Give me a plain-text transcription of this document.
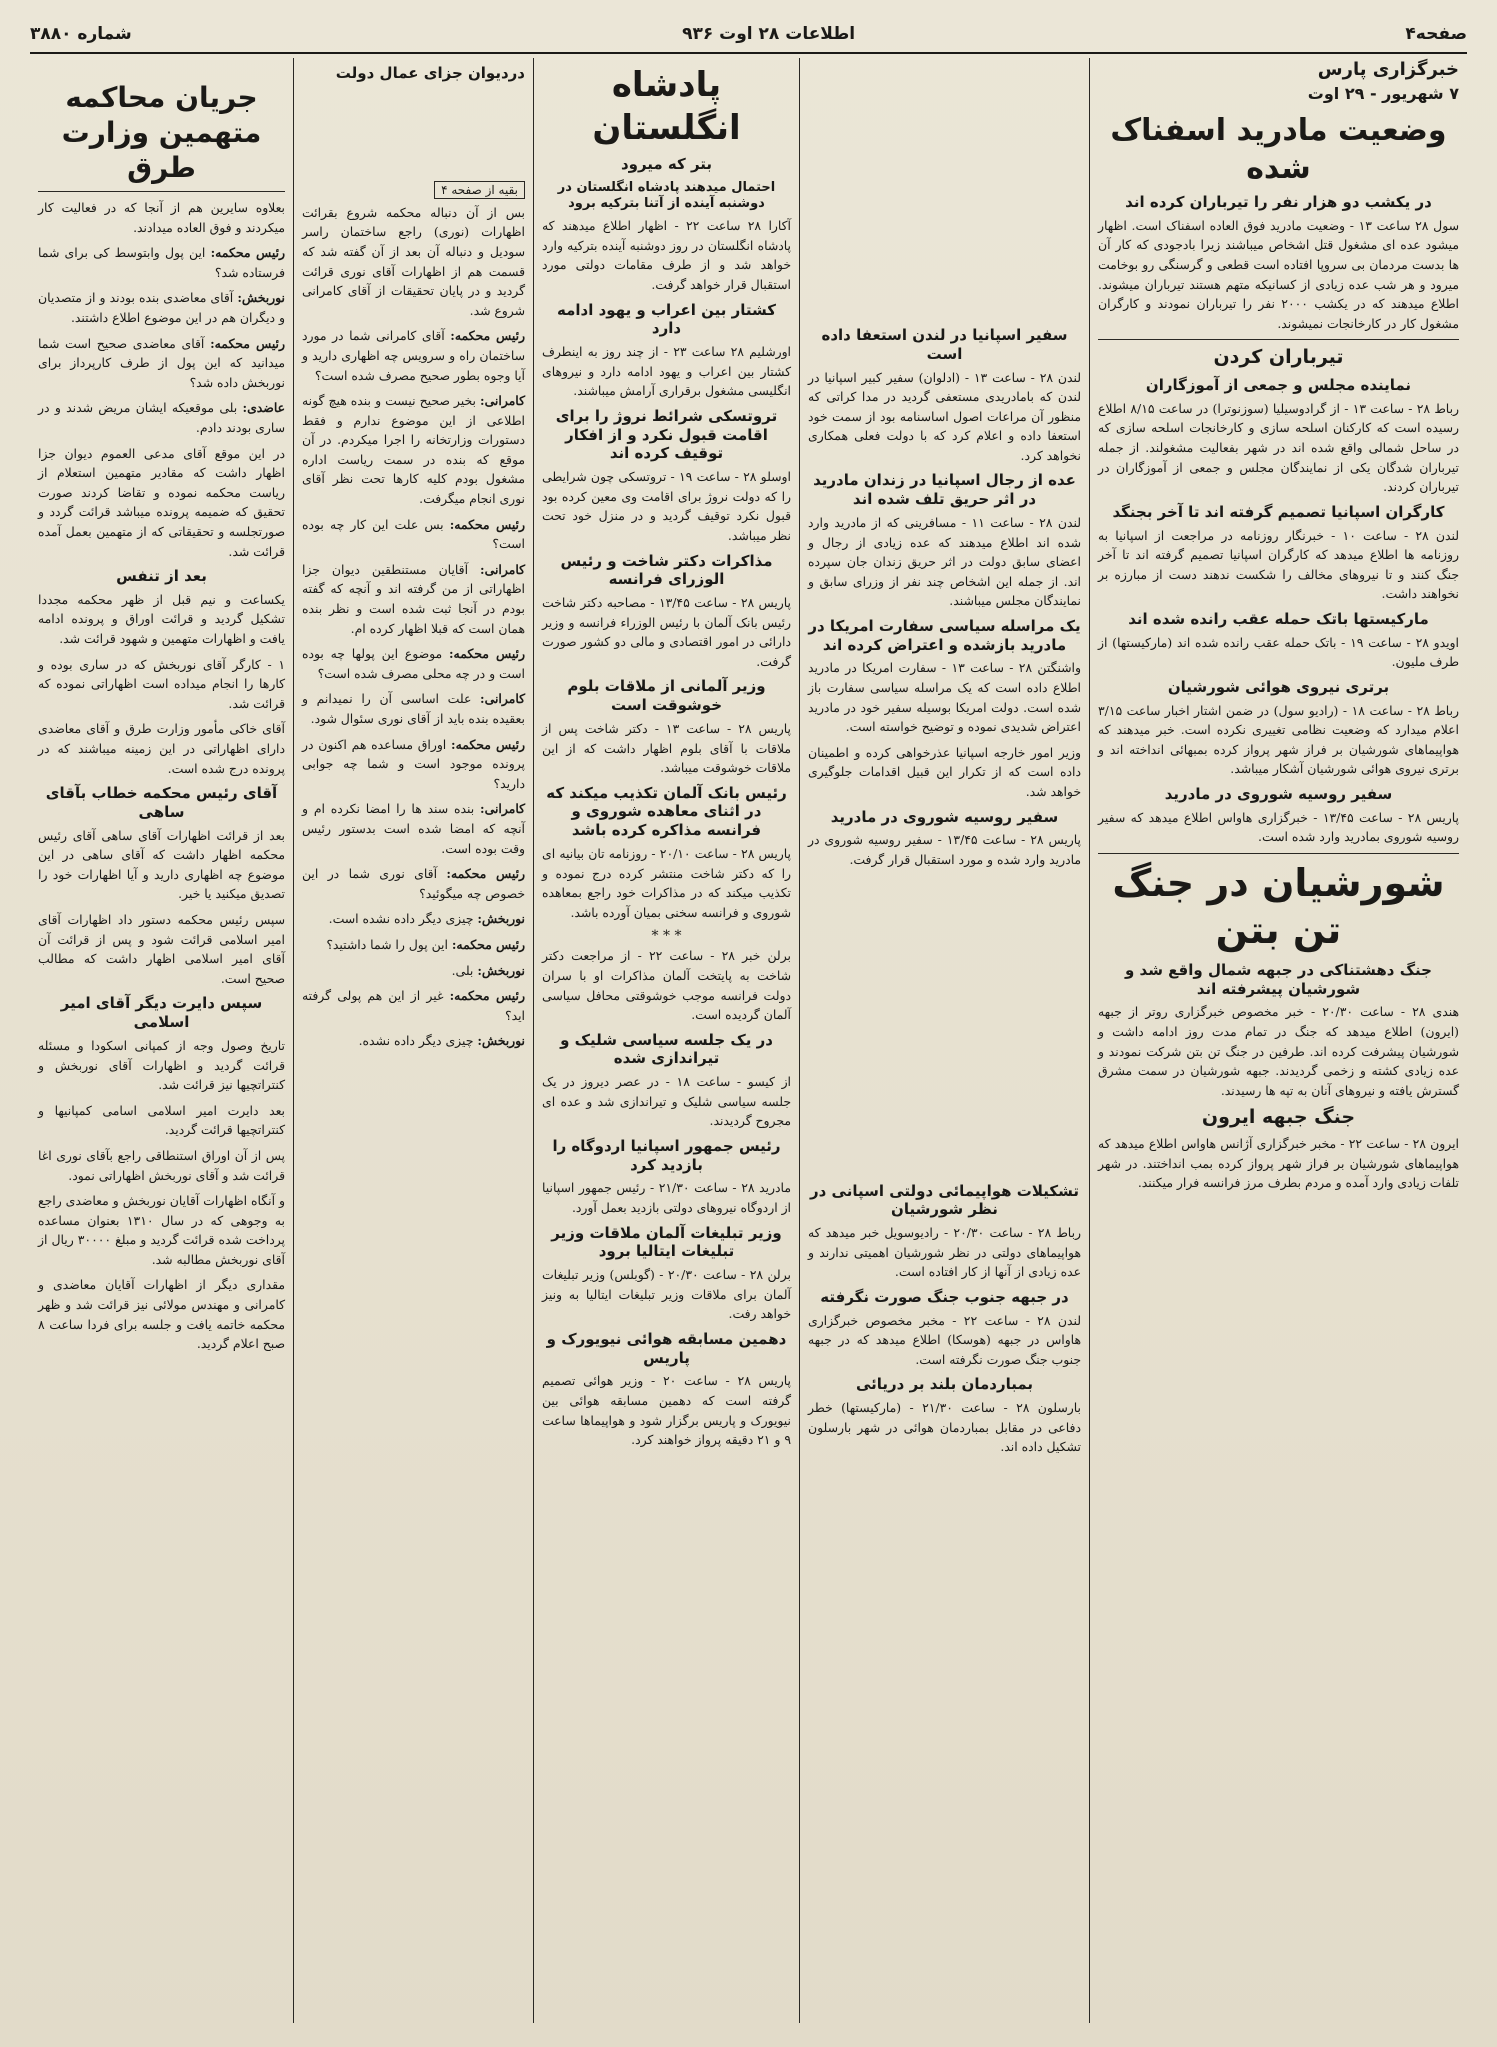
صفحه۴
اطلاعات ۲۸ اوت ۹۳۶
شماره ۳۸۸۰
خبرگزاری پارس
۷ شهریور - ۲۹ اوت
وضعیت مادرید اسفناک شده
در یکشب دو هزار نفر را تیرباران کرده اند

سول ۲۸ ساعت ۱۳ - وضعیت مادرید فوق العاده اسفناک است. اظهار میشود عده ای مشغول قتل اشخاص میباشند زیرا بادجودی که کار آن ها بدست مردمان بی سروپا افتاده است قطعی و گرسنگی رو بوخامت میرود و هر شب عده زیادی از کسانیکه متهم هستند تیرباران میشوند. اطلاع میدهند که در یکشب ۲۰۰۰ نفر را تیرباران نمودند و کارگران مشغول کار در کارخانجات نمیشوند.

تیرباران کردن
نماینده مجلس و جمعی از آموزگاران

رباط ۲۸ - ساعت ۱۳ - از گرادوسیلیا (سوزنوترا) در ساعت ۸/۱۵ اطلاع رسیده است که کارکنان اسلحه سازی و کارخانجات اسلحه سازی که در ساحل شمالی واقع شده اند در شهر بفعالیت مشغولند. از جمله تیرباران شدگان یکی از نمایندگان مجلس و جمعی از آموزگاران در تیرباران کردند.

کارگران اسپانیا تصمیم گرفته اند تا آخر بجنگد

لندن ۲۸ - ساعت ۱۰ - خبرنگار روزنامه در مراجعت از اسپانیا به روزنامه ها اطلاع میدهد که کارگران اسپانیا تصمیم گرفته اند تا آخر جنگ کنند و تا نیروهای مخالف را شکست ندهند دست از مبارزه بر نخواهند داشت.

مارکیستها باتک حمله عقب رانده شده اند

اویدو ۲۸ - ساعت ۱۹ - باتک حمله عقب رانده شده اند (مارکیستها) از طرف ملیون.

برتری نیروی هوائی شورشیان

رباط ۲۸ - ساعت ۱۸ - (رادیو سول) در ضمن اشتار اخبار ساعت ۳/۱۵ اعلام میدارد که وضعیت نظامی تغییری نکرده است. خبر میدهند که هواپیماهای شورشیان بر فراز شهر پرواز کرده بمبهائی انداخته اند و برتری نیروی هوائی شورشیان آشکار میباشد.

سفیر روسیه شوروی در مادرید

پاریس ۲۸ - ساعت ۱۳/۴۵ - خبرگزاری هاواس اطلاع میدهد که سفیر روسیه شوروی بمادرید وارد شده است.

شورشیان در جنگ تن بتن
جنگ دهشتناکی در جبهه شمال واقع شد و شورشیان پیشرفته اند

هندی ۲۸ - ساعت ۲۰/۳۰ - خبر مخصوص خبرگزاری روتر از جبهه (ایرون) اطلاع میدهد که جنگ در تمام مدت روز ادامه داشت و شورشیان پیشرفت کرده اند. طرفین در جنگ تن بتن شرکت نمودند و عده زیادی کشته و زخمی گردیدند. جبهه شورشیان در سمت مشرق گسترش یافته و نیروهای آنان به تپه ها رسیدند.

جنگ جبهه ایرون

ایرون ۲۸ - ساعت ۲۲ - مخبر خبرگزاری آژانس هاواس اطلاع میدهد که هواپیماهای شورشیان بر فراز شهر پرواز کرده بمب انداختند. در شهر تلفات زیادی وارد آمده و مردم بطرف مرز فرانسه فرار میکنند.

سفیر اسپانیا در لندن استعفا داده است

لندن ۲۸ - ساعت ۱۳ - (ادلوان) سفیر کبیر اسپانیا در لندن که بامادریدی مستعفی گردید در مدا کراتی که منظور آن مراعات اصول اساسنامه بود از سمت خود استعفا داده و اعلام کرد که با دولت فعلی همکاری نخواهد کرد.

عده از رجال اسپانیا در زندان مادرید در اثر حریق تلف شده اند

لندن ۲۸ - ساعت ۱۱ - مسافرینی که از مادرید وارد شده اند اطلاع میدهند که عده زیادی از رجال و اعضای سابق دولت در اثر حریق زندان جان سپرده اند. از جمله این اشخاص چند نفر از وزرای سابق و نمایندگان مجلس میباشند.

یک مراسله سیاسی سفارت امریکا در مادرید بازشده و اعتراض کرده اند

واشنگتن ۲۸ - ساعت ۱۳ - سفارت امریکا در مادرید اطلاع داده است که یک مراسله سیاسی سفارت باز شده است. دولت امریکا بوسیله سفیر خود در مادرید اعتراض شدیدی نموده و توضیح خواسته است.

وزیر امور خارجه اسپانیا عذرخواهی کرده و اطمینان داده است که از تکرار این قبیل اقدامات جلوگیری خواهد شد.

سفیر روسیه شوروی در مادرید

پاریس ۲۸ - ساعت ۱۳/۴۵ - سفیر روسیه شوروی در مادرید وارد شده و مورد استقبال قرار گرفت.

تشکیلات هواپیمائی دولتی اسپانی در نظر شورشیان

رباط ۲۸ - ساعت ۲۰/۳۰ - رادیوسویل خبر میدهد که هواپیماهای دولتی در نظر شورشیان اهمیتی ندارند و عده زیادی از آنها از کار افتاده است.

در جبهه جنوب جنگ صورت نگرفته

لندن ۲۸ - ساعت ۲۲ - مخبر مخصوص خبرگزاری هاواس در جبهه (هوسکا) اطلاع میدهد که در جبهه جنوب جنگ صورت نگرفته است.

بمباردمان بلند بر دریائی

بارسلون ۲۸ - ساعت ۲۱/۳۰ - (مارکیستها) خطر دفاعی در مقابل بمباردمان هوائی در شهر بارسلون تشکیل داده اند.

پادشاه انگلستان
بتر که میرود
احتمال میدهند پادشاه انگلستان در دوشنبه آینده از آتنا بترکیه برود

آکارا ۲۸ ساعت ۲۲ - اظهار اطلاع میدهند که پادشاه انگلستان در روز دوشنبه آینده بترکیه وارد خواهد شد و از طرف مقامات دولتی مورد استقبال قرار خواهد گرفت.

کشتار بین اعراب و یهود ادامه دارد

اورشلیم ۲۸ ساعت ۲۳ - از چند روز به اینطرف کشتار بین اعراب و یهود ادامه دارد و نیروهای انگلیسی مشغول برقراری آرامش میباشند.

تروتسکی شرائط نروژ را برای اقامت قبول نکرد و از افکار توقیف کرده اند

اوسلو ۲۸ - ساعت ۱۹ - تروتسکی چون شرایطی را که دولت نروژ برای اقامت وی معین کرده بود قبول نکرد توقیف گردید و در منزل خود تحت نظر میباشد.

مذاکرات دکتر شاخت و رئیس الوزرای فرانسه

پاریس ۲۸ - ساعت ۱۳/۴۵ - مصاحبه دکتر شاخت رئیس بانک آلمان با رئیس الوزراء فرانسه و وزیر دارائی در امور اقتصادی و مالی دو کشور صورت گرفت.

وزیر آلمانی از ملاقات بلوم خوشوقت است

پاریس ۲۸ - ساعت ۱۳ - دکتر شاخت پس از ملاقات با آقای بلوم اظهار داشت که از این ملاقات خوشوقت میباشد.

رئیس بانک آلمان تکذیب میکند که در اثنای معاهده شوروی و فرانسه مذاکره کرده باشد

پاریس ۲۸ - ساعت ۲۰/۱۰ - روزنامه تان بیانیه ای را که دکتر شاخت منتشر کرده درج نموده و تکذیب میکند که در مذاکرات خود راجع بمعاهده شوروی و فرانسه سخنی بمیان آورده باشد.

* * *

برلن خبر ۲۸ - ساعت ۲۲ - از مراجعت دکتر شاخت به پایتخت آلمان مذاکرات او با سران دولت فرانسه موجب خوشوقتی محافل سیاسی آلمان گردیده است.

در یک جلسه سیاسی شلیک و تیراندازی شده

از کیسو - ساعت ۱۸ - در عصر دیروز در یک جلسه سیاسی شلیک و تیراندازی شد و عده ای مجروح گردیدند.

رئیس جمهور اسپانیا اردوگاه را بازدید کرد

مادرید ۲۸ - ساعت ۲۱/۳۰ - رئیس جمهور اسپانیا از اردوگاه نیروهای دولتی بازدید بعمل آورد.

وزیر تبلیغات آلمان ملاقات وزیر تبلیغات ایتالیا برود

برلن ۲۸ - ساعت ۲۰/۳۰ - (گوبلس) وزیر تبلیغات آلمان برای ملاقات وزیر تبلیغات ایتالیا به ونیز خواهد رفت.

دهمین مسابقه هوائی نیویورک و پاریس

پاریس ۲۸ - ساعت ۲۰ - وزیر هوائی تصمیم گرفته است که دهمین مسابقه هوائی بین نیویورک و پاریس برگزار شود و هواپیماها ساعت ۹ و ۲۱ دقیقه پرواز خواهند کرد.

دردیوان جزای عمال دولت
بقیه از صفحه ۴

بس از آن دنباله محکمه شروع بقرائت اظهارات (نوری) راجع ساختمان راسر سودیل و دنباله آن بعد از آن گفته شد که قسمت هم از اظهارات آقای نوری قرائت گردید و در پایان تحقیقات از آقای کامرانی شروع شد.

رئیس محکمه: آقای کامرانی شما در مورد ساختمان راه و سرویس چه اظهاری دارید و آیا وجوه بطور صحیح مصرف شده است؟

کامرانی: بخیر صحیح نیست و بنده هیچ گونه اطلاعی از این موضوع ندارم و فقط دستورات وزارتخانه را اجرا میکردم. در آن موقع که بنده در سمت ریاست اداره مشغول بودم کلیه کارها تحت نظر آقای نوری انجام میگرفت.

رئیس محکمه: بس علت این کار چه بوده است؟

کامرانی: آقایان مستنطقین دیوان جزا اظهاراتی از من گرفته اند و آنچه که گفته بودم در آنجا ثبت شده است و نظر بنده همان است که قبلا اظهار کرده ام.

رئیس محکمه: موضوع این پولها چه بوده است و در چه محلی مصرف شده است؟

کامرانی: علت اساسی آن را نمیدانم و بعقیده بنده باید از آقای نوری سئوال شود.

رئیس محکمه: اوراق مساعده هم اکنون در پرونده موجود است و شما چه جوابی دارید؟

کامرانی: بنده سند ها را امضا نکرده ام و آنچه که امضا شده است بدستور رئیس وقت بوده است.

رئیس محکمه: آقای نوری شما در این خصوص چه میگوئید؟

نوربخش: چیزی دیگر داده نشده است.

رئیس محکمه: این پول را شما داشتید؟

نوربخش: بلی.

رئیس محکمه: غیر از این هم پولی گرفته اید؟

نوربخش: چیزی دیگر داده نشده.

جریان محاکمه متهمین وزارت طرق

بعلاوه سایرین هم از آنجا که در فعالیت کار میکردند و فوق العاده میدادند.

رئیس محکمه: این پول وابتوسط کی برای شما فرستاده شد؟

نوربخش: آقای معاضدی بنده بودند و از متصدیان و دیگران هم در این موضوع اطلاع داشتند.

رئیس محکمه: آقای معاضدی صحیح است شما میدانید که این پول از طرف کارپرداز برای نوربخش داده شد؟

عاضدی: بلی موقعیکه ایشان مریض شدند و در ساری بودند دادم.

در این موقع آقای مدعی العموم دیوان جزا اظهار داشت که مقادیر متهمین استعلام از ریاست محکمه نموده و تقاضا کردند صورت تحقیق که ضمیمه پرونده میباشد قرائت گردد و صورتجلسه و تحقیقاتی که از متهمین بعمل آمده قرائت شد.

بعد از تنفس

یکساعت و نیم قبل از ظهر محکمه مجددا تشکیل گردید و قرائت اوراق و پرونده ادامه یافت و اظهارات متهمین و شهود قرائت شد.

۱ - کارگر آقای نوربخش که در ساری بوده و کارها را انجام میداده است اظهاراتی نموده که قرائت شد.

آقای خاکی مأمور وزارت طرق و آقای معاضدی دارای اظهاراتی در این زمینه میباشند که در پرونده درج شده است.

آقای رئیس محکمه خطاب بآقای ساهی

بعد از قرائت اظهارات آقای ساهی آقای رئیس محکمه اظهار داشت که آقای ساهی در این موضوع چه اظهاری دارید و آیا اظهارات خود را تصدیق میکنید یا خیر.

سپس رئیس محکمه دستور داد اظهارات آقای امیر اسلامی قرائت شود و پس از قرائت آن آقای امیر اسلامی اظهار داشت که مطالب صحیح است.

سپس دایرت دیگر آقای امیر اسلامی

تاریخ وصول وجه از کمپانی اسکودا و مسئله قرائت گردید و اظهارات آقای نوربخش و کنتراتچیها نیز قرائت شد.

بعد دایرت امیر اسلامی اسامی کمپانیها و کنتراتچیها قرائت گردید.

پس از آن اوراق استنطاقی راجع بآقای نوری اغا قرائت شد و آقای نوربخش اظهاراتی نمود.

و آنگاه اظهارات آقایان نوربخش و معاضدی راجع به وجوهی که در سال ۱۳۱۰ بعنوان مساعده پرداخت شده قرائت گردید و مبلغ ۳۰۰۰۰ ریال از آقای نوربخش مطالبه شد.

مقداری دیگر از اظهارات آقایان معاضدی و کامرانی و مهندس مولائی نیز قرائت شد و ظهر محکمه خاتمه یافت و جلسه برای فردا ساعت ۸ صبح اعلام گردید.
